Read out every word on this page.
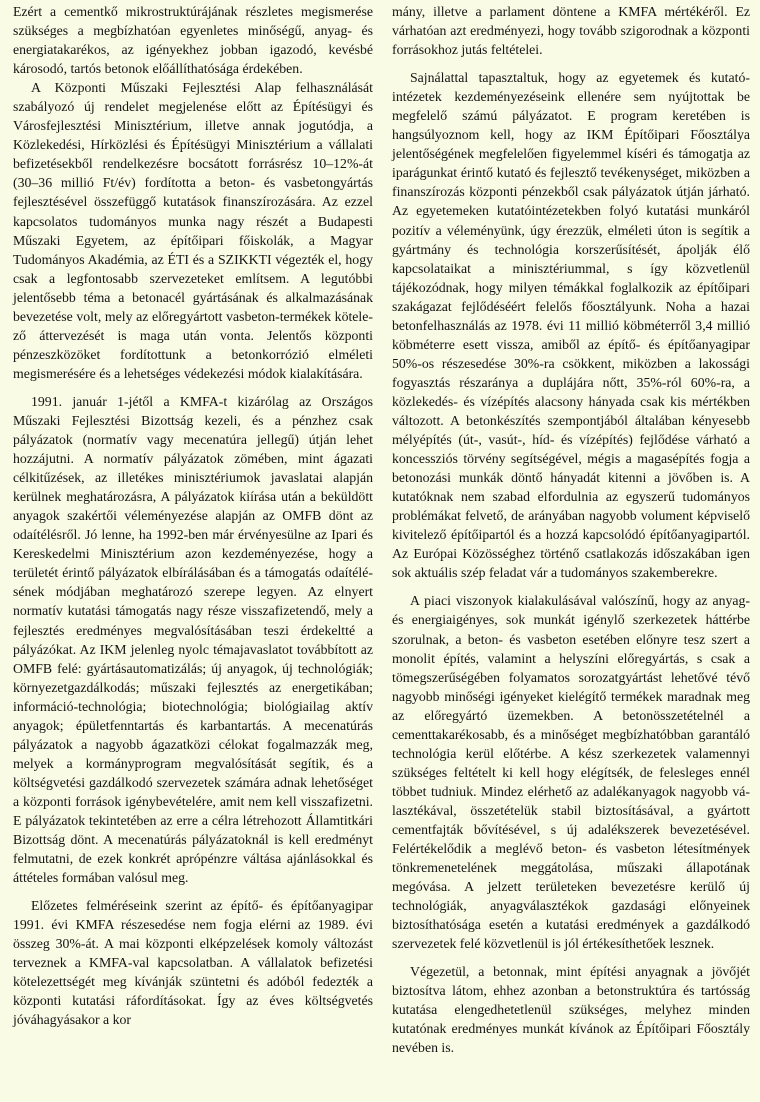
Ezért a cementkő mikrostruktúrájának részletes megismerése szükséges a megbízhatóan egyenletes minőségű, anyag- és energiatakarékos, az igényekhez jobban igazodó, kevésbé károsodó, tartós betonok előállíthatósága érdekében.

A Központi Műszaki Fejlesztési Alap felhasználását szabályozó új rendelet megjelenése előtt az Építésügyi és Városfejlesztési Minisztérium, illetve annak jogutódja, a Közlekedési, Hírközlési és Építésügyi Minisztérium a vállalati befizetésekből rendelkezésre bocsátott forrásrész 10–12%-át (30–36 millió Ft/év) fordította a beton- és vasbetongyártás fejlesztésével összefüggő kutatások finanszírozására. Az ezzel kapcsolatos tudományos munka nagy részét a Budapesti Műszaki Egyetem, az építőipari főiskolák, a Magyar Tudományos Akadémia, az ÉTI és a SZIKKTI végezték el, hogy csak a legfontosabb szervezeteket említsem. A legutóbbi jelentősebb téma a betonacél gyártásának és alkalmazásának bevezetése volt, mely az előregyártott vasbeton-termékek kötelező áttervezését is maga után vonta. Jelentős központi pénzeszközöket fordítottunk a betonkorrózió elméleti megismerésére és a lehetséges védekezési módok kialakítására.

1991. január 1-jétől a KMFA-t kizárólag az Országos Műszaki Fejlesztési Bizottság kezeli, és a pénzhez csak pályázatok (normatív vagy mecenatúra jellegű) útján lehet hozzájutni. A normatív pályázatok zömében, mint ágazati célkitűzések, az illetékes minisztériumok javaslatai alapján kerülnek meghatározásra, A pályázatok kiírása után a beküldött anyagok szakértői véleményezése alapján az OMFB dönt az odaítélésről. Jó lenne, ha 1992-ben már érvényesülne az Ipari és Kereskedelmi Minisztérium azon kezdeményezése, hogy a területét érintő pályázatok elbírálásában és a támogatás odaítélésének módjában meghatározó szerepe legyen. Az elnyert normatív kutatási támogatás nagy része visszafizetendő, mely a fejlesztés eredményes megvalósításában teszi érdekeltté a pályázókat. Az IKM jelenleg nyolc témajavaslatot továbbított az OMFB felé: gyártásautomatizálás; új anyagok, új technológiák; környezetgazdálkodás; műszaki fejlesztés az energetikában; információ-technológia; biotechnológia; biológiailag aktív anyagok; épületfenntartás és karbantartás. A mecenatúrás pályázatok a nagyobb ágazatközi célokat fogalmazzák meg, melyek a kormányprogram megvalósítását segítik, és a költségvetési gazdálkodó szervezetek számára adnak lehetőséget a központi források igénybevételére, amit nem kell visszafizetni. E pályázatok tekintetében az erre a célra létrehozott Államtitkári Bizottság dönt. A mecenatúrás pályázatoknál is kell eredményt felmutatni, de ezek konkrét aprópénzre váltása ajánlásokkal és áttételes formában valósul meg.

Előzetes felméréseink szerint az építő- és építőanyagipar 1991. évi KMFA részesedése nem fogja elérni az 1989. évi összeg 30%-át. A mai központi elképzelések komoly változást terveznek a KMFA-val kapcsolatban. A vállalatok befizetési kötelezettségét meg kívánják szüntetni és adóból fedezték a központi kutatási ráfordításokat. Így az éves költségvetés jóváhagyásakor a kor

mány, illetve a parlament döntene a KMFA mértékéről. Ez várhatóan azt eredményezi, hogy tovább szigorodnak a központi forrásokhoz jutás feltételei.

Sajnálattal tapasztaltuk, hogy az egyetemek és kutatóintézetek kezdeményezéseink ellenére sem nyújtottak be megfelelő számú pályázatot. E program keretében is hangsúlyoznom kell, hogy az IKM Építőipari Főosztálya jelentőségének megfelelően figyelemmel kíséri és támogatja az iparágunkat érintő kutató és fejlesztő tevékenységet, miközben a finanszírozás központi pénzekből csak pályázatok útján járható. Az egyetemeken kutatóintézetekben folyó kutatási munkáról pozitív a véleményünk, úgy érezzük, elméleti úton is segítik a gyártmány és technológia korszerűsítését, ápolják élő kapcsolataikat a minisztériummal, s így közvetlenül tájékozódnak, hogy milyen témákkal foglalkozik az építőipari szakágazat fejlődéséért felelős főosztályunk. Noha a hazai betonfelhasználás az 1978. évi 11 millió köbméterről 3,4 millió köbméterre esett vissza, amiből az építő- és építőanyagipar 50%-os részesedése 30%-ra csökkent, miközben a lakossági fogyasztás részaránya a duplájára nőtt, 35%-ról 60%-ra, a közlekedés- és vízépítés alacsony hányada csak kis mértékben változott. A betonkészítés szempontjából általában kényesebb mélyépítés (út-, vasút-, híd- és vízépítés) fejlődése várható a koncessziós törvény segítségével, mégis a magasépítés fogja a betonozási munkák döntő hányadát kitenni a jövőben is. A kutatóknak nem szabad elfordulnia az egyszerű tudományos problémákat felvető, de arányában nagyobb volument képviselő kivitelező építőipartól és a hozzá kapcsolódó építőanyagipartól. Az Európai Közösséghez történő csatlakozás időszakában igen sok aktuális szép feladat vár a tudományos szakemberekre.

A piaci viszonyok kialakulásával valószínű, hogy az anyag- és energiaigényes, sok munkát igénylő szerkezetek háttérbe szorulnak, a beton- és vasbeton esetében előnyre tesz szert a monolit építés, valamint a helyszíni előregyártás, s csak a tömegszerűségében folyamatos sorozatgyártást lehetővé tévő nagyobb minőségi igényeket kielégítő termékek maradnak meg az előregyártó üzemekben. A betonösszetételnél a cementtakarékosabb, és a minőséget megbízhatóbban garantáló technológia kerül előtérbe. A kész szerkezetek valamennyi szükséges feltételt ki kell hogy elégítsék, de felesleges ennél többet tudniuk. Mindez elérhető az adalékanyagok nagyobb választékával, összetételük stabil biztosításával, a gyártott cementfajták bővítésével, s új adalékszerek bevezetésével. Felértékelődik a meglévő beton- és vasbeton létesítmények tönkremenetelének meggátolása, műszaki állapotának megóvása. A jelzett területeken bevezetésre kerülő új technológiák, anyagválasztékok gazdasági előnyeinek biztosíthatósága esetén a kutatási eredmények a gazdálkodó szervezetek felé közvetlenül is jól értékesíthetőek lesznek.

Végezetül, a betonnak, mint építési anyagnak a jövőjét biztosítva látom, ehhez azonban a betonstruktúra és tartósság kutatása elengedhetetlenül szükséges, melyhez minden kutatónak eredményes munkát kívánok az Építőipari Főosztály nevében is.
